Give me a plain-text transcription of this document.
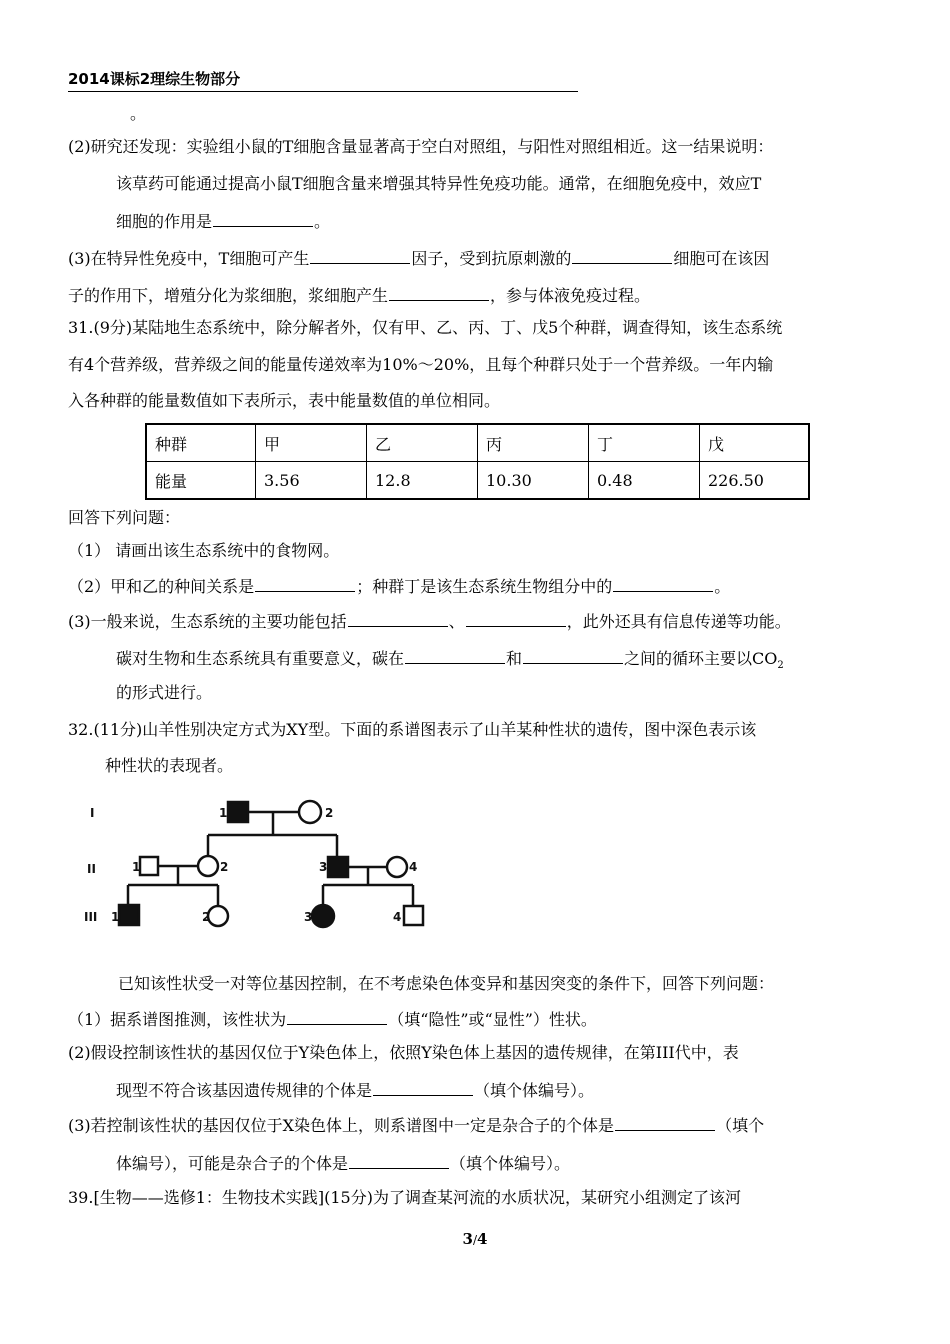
2014课标2理综生物部分
。
(2)研究还发现：实验组小鼠的T细胞含量显著高于空白对照组，与阳性对照组相近。这一结果说明：
该草药可能通过提高小鼠T细胞含量来增强其特异性免疫功能。通常，在细胞免疫中，效应T
细胞的作用是	。
(3)在特异性免疫中，T细胞可产生	因子，受到抗原刺激的	细胞可在该因
子的作用下，增殖分化为浆细胞，浆细胞产生	，参与体液免疫过程。
31.(9分)某陆地生态系统中，除分解者外，仅有甲、乙、丙、丁、戊5个种群，调查得知，该生态系统
有4个营养级，营养级之间的能量传递效率为10%～20%，且每个种群只处于一个营养级。一年内输
入各种群的能量数值如下表所示，表中能量数值的单位相同。
种群	甲	乙	丙	丁	戊
能量	3.56	12.8	10.30	0.48	226.50
回答下列问题：
（1） 请画出该生态系统中的食物网。
（2）甲和乙的种间关系是	；种群丁是该生态系统生物组分中的	。
(3)一般来说，生态系统的主要功能包括	、	，此外还具有信息传递等功能。
碳对生物和生态系统具有重要意义，碳在	和	之间的循环主要以$CO_2$
的形式进行。
32.(11分)山羊性别决定方式为XY型。下面的系谱图表示了山羊某种性状的遗传，图中深色表示该
种性状的表现者。
I
II
III
1	2
1	2	3	4
1	2	3	4
已知该性状受一对等位基因控制，在不考虑染色体变异和基因突变的条件下，回答下列问题：
（1）据系谱图推测，该性状为	（填“隐性”或“显性”）性状。
(2)假设控制该性状的基因仅位于Y染色体上，依照Y染色体上基因的遗传规律，在第III代中，表
现型不符合该基因遗传规律的个体是	（填个体编号）。
(3)若控制该性状的基因仅位于X染色体上，则系谱图中一定是杂合子的个体是	（填个
体编号），可能是杂合子的个体是	（填个体编号）。
39.[生物——选修1：生物技术实践](15分)为了调查某河流的水质状况，某研究小组测定了该河
3/4
